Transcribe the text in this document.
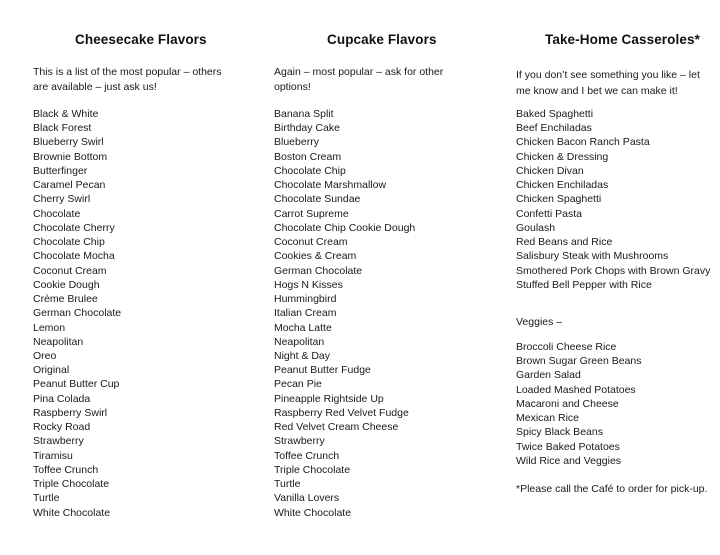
Cheesecake Flavors
This is a list of the most popular – others
are available – just ask us!
Black & White
Black Forest
Blueberry Swirl
Brownie Bottom
Butterfinger
Caramel Pecan
Cherry Swirl
Chocolate
Chocolate Cherry
Chocolate Chip
Chocolate Mocha
Coconut Cream
Cookie Dough
Crème Brulee
German Chocolate
Lemon
Neapolitan
Oreo
Original
Peanut Butter Cup
Pina Colada
Raspberry Swirl
Rocky Road
Strawberry
Tiramisu
Toffee Crunch
Triple Chocolate
Turtle
White Chocolate
Cupcake Flavors
Again – most popular – ask for other
options!
Banana Split
Birthday Cake
Blueberry
Boston Cream
Chocolate Chip
Chocolate Marshmallow
Chocolate Sundae
Carrot Supreme
Chocolate Chip Cookie Dough
Coconut Cream
Cookies & Cream
German Chocolate
Hogs N Kisses
Hummingbird
Italian Cream
Mocha Latte
Neapolitan
Night & Day
Peanut Butter Fudge
Pecan Pie
Pineapple Rightside Up
Raspberry Red Velvet Fudge
Red Velvet Cream Cheese
Strawberry
Toffee Crunch
Triple Chocolate
Turtle
Vanilla Lovers
White Chocolate
Take-Home Casseroles*
If you don’t see something you like – let
me know and I bet we can make it!
Baked Spaghetti
Beef Enchiladas
Chicken Bacon Ranch Pasta
Chicken & Dressing
Chicken Divan
Chicken Enchiladas
Chicken Spaghetti
Confetti Pasta
Goulash
Red Beans and Rice
Salisbury Steak with Mushrooms
Smothered Pork Chops with Brown Gravy
Stuffed Bell Pepper with Rice
Veggies –
Broccoli Cheese Rice
Brown Sugar Green Beans
Garden Salad
Loaded Mashed Potatoes
Macaroni and Cheese
Mexican Rice
Spicy Black Beans
Twice Baked Potatoes
Wild Rice and Veggies
*Please call the Café to order for pick-up.
